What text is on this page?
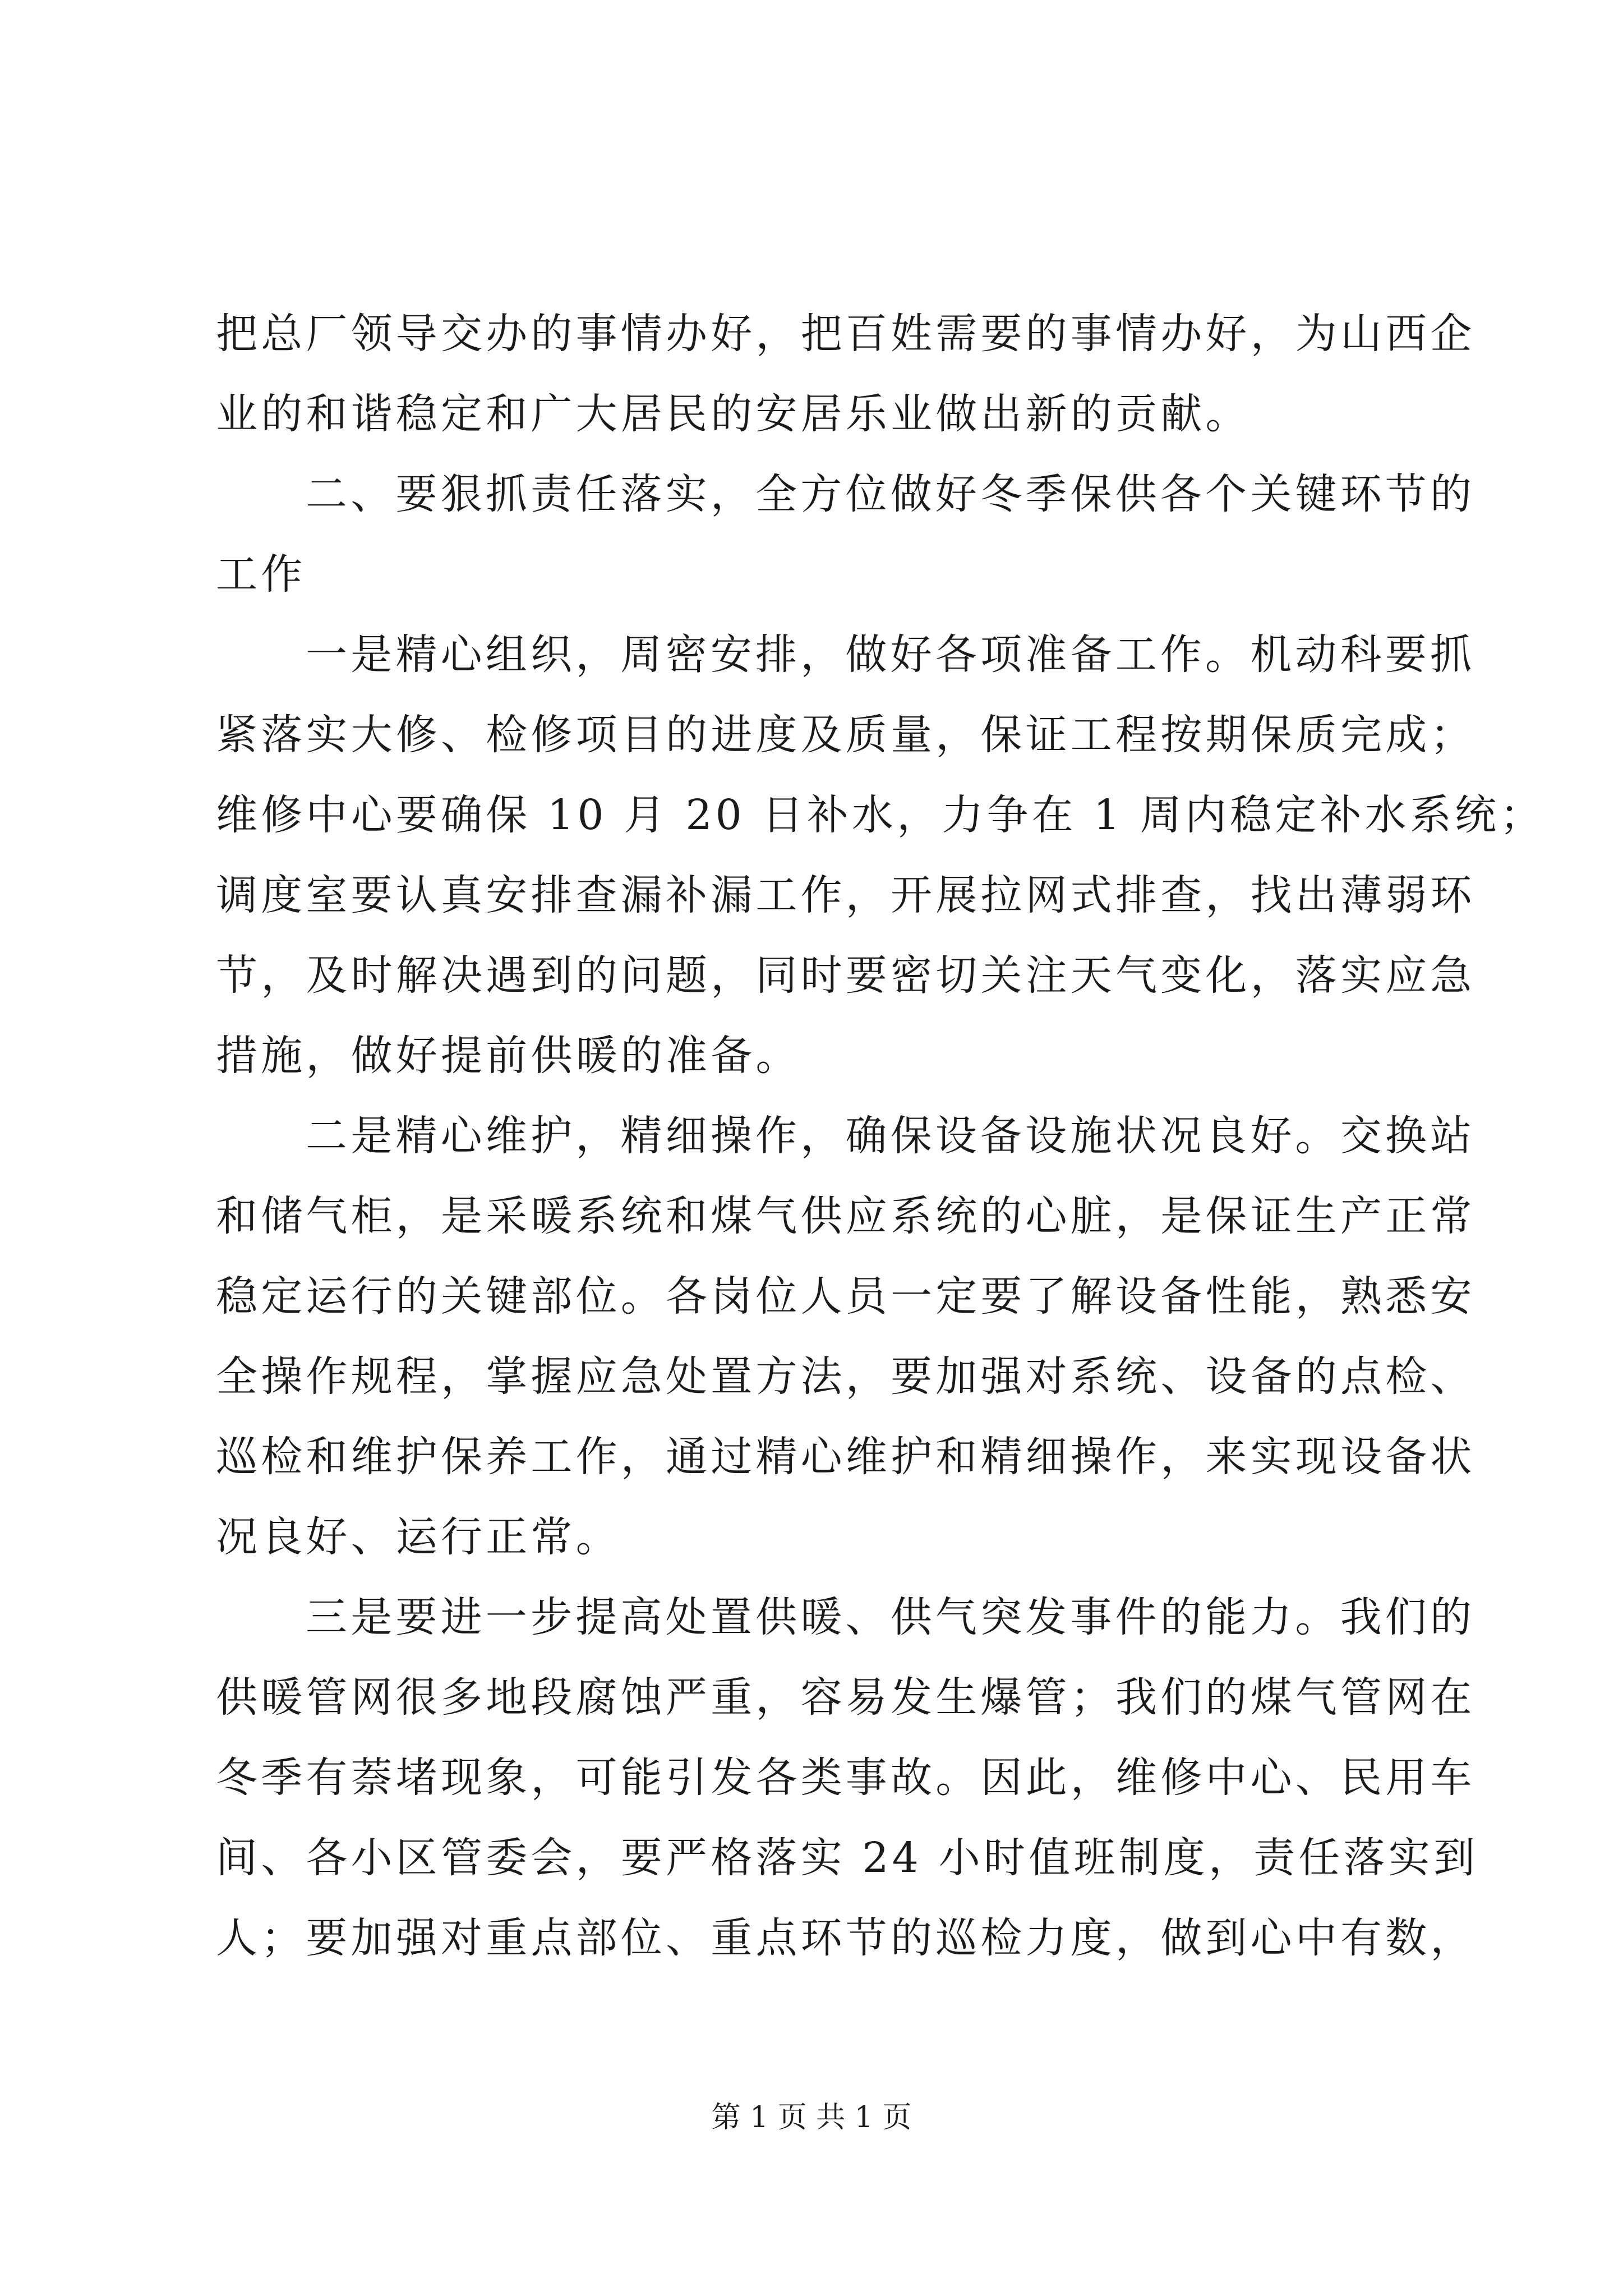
把总厂领导交办的事情办好，把百姓需要的事情办好，为山西企
业的和谐稳定和广大居民的安居乐业做出新的贡献。
二、要狠抓责任落实，全方位做好冬季保供各个关键环节的
工作
一是精心组织，周密安排，做好各项准备工作。机动科要抓
紧落实大修、检修项目的进度及质量，保证工程按期保质完成；
维修中心要确保 10 月 20 日补水，力争在 1 周内稳定补水系统；
调度室要认真安排查漏补漏工作，开展拉网式排查，找出薄弱环
节，及时解决遇到的问题，同时要密切关注天气变化，落实应急
措施，做好提前供暖的准备。
二是精心维护，精细操作，确保设备设施状况良好。交换站
和储气柜，是采暖系统和煤气供应系统的心脏，是保证生产正常
稳定运行的关键部位。各岗位人员一定要了解设备性能，熟悉安
全操作规程，掌握应急处置方法，要加强对系统、设备的点检、
巡检和维护保养工作，通过精心维护和精细操作，来实现设备状
况良好、运行正常。
三是要进一步提高处置供暖、供气突发事件的能力。我们的
供暖管网很多地段腐蚀严重，容易发生爆管；我们的煤气管网在
冬季有萘堵现象，可能引发各类事故。因此，维修中心、民用车
间、各小区管委会，要严格落实 24 小时值班制度，责任落实到
人；要加强对重点部位、重点环节的巡检力度，做到心中有数，
第 1 页 共 1 页
